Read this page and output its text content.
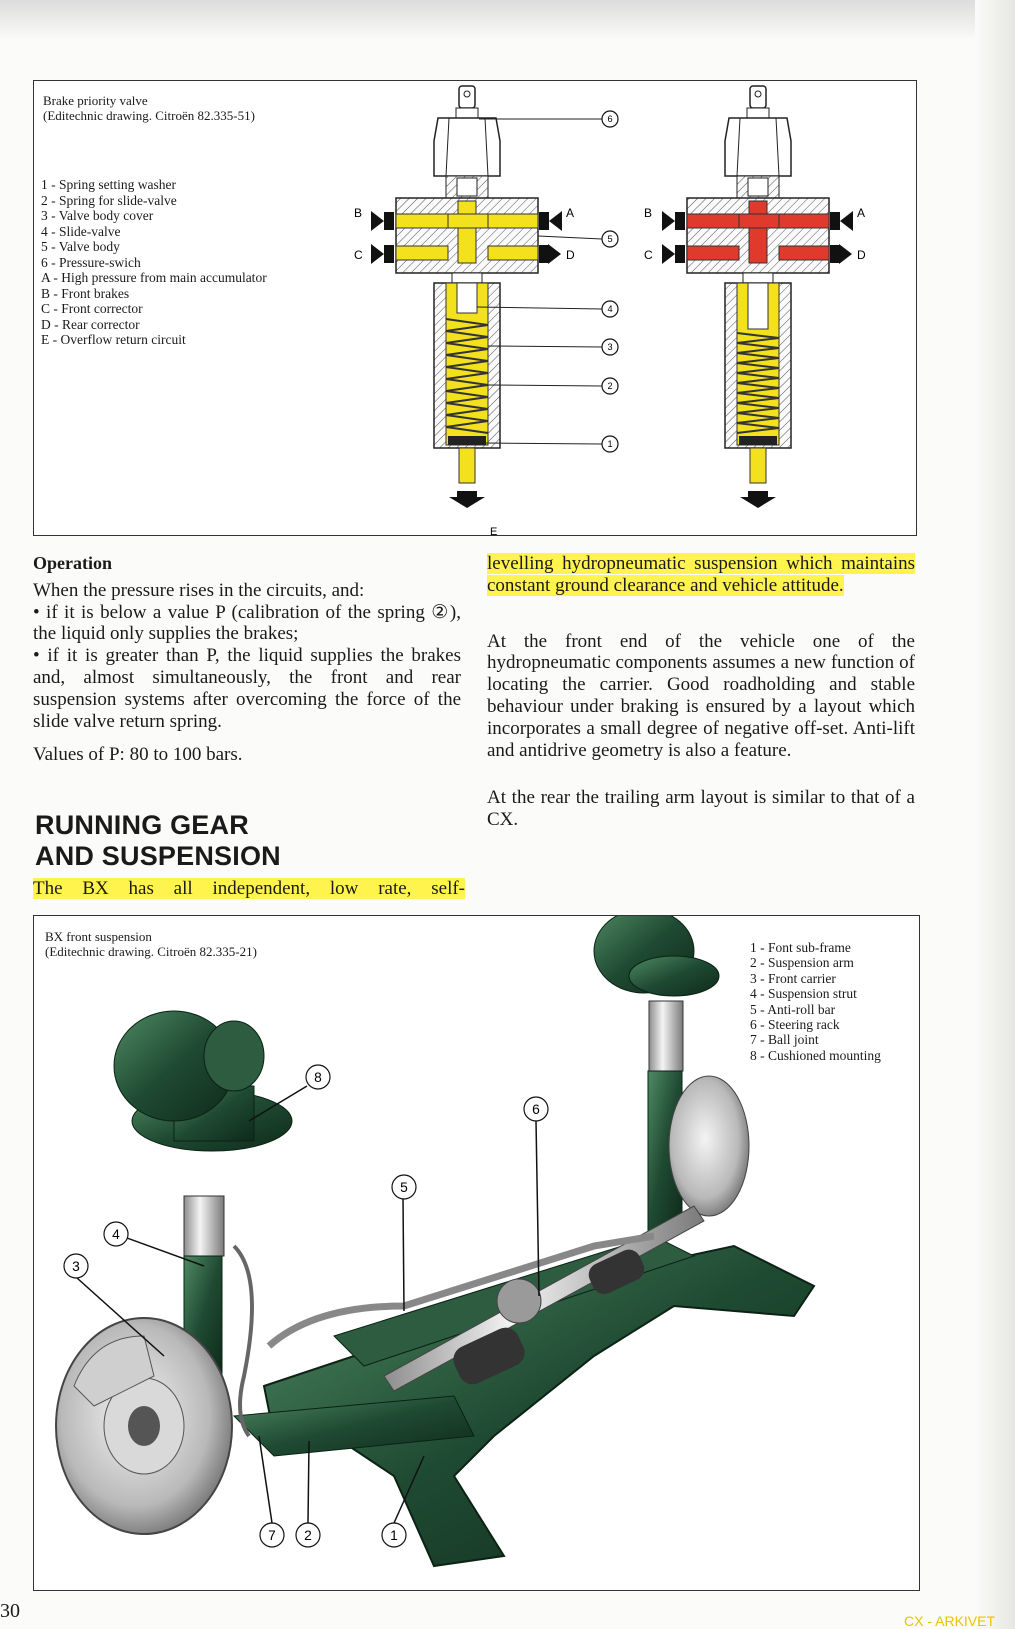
Brake priority valve
(Editechnic drawing. Citroën 82.335-51)
1 - Spring setting washer
2 - Spring for slide-valve
3 - Valve body cover
4 - Slide-valve
5 - Valve body
6 - Pressure-swich
A - High pressure from main accumulator
B - Front brakes
C - Front corrector
D - Rear corrector
E - Overflow return circuit
B
C
A
D
E
6
5
4
3
2
1
B
C
A
D

Operation

When the pressure rises in the circuits, and:

• if it is below a value P (calibration of the spring ②), the liquid only supplies the brakes;

• if it is greater than P, the liquid supplies the brakes and, almost simultaneously, the front and rear suspension systems after overcoming the force of the slide valve return spring.

Values of P: 80 to 100 bars.

RUNNING GEAR
AND SUSPENSION
The BX has all independent, low rate, self-

levelling hydropneumatic suspension which maintains constant ground clearance and vehicle attitude.

At the front end of the vehicle one of the hydropneumatic components assumes a new function of locating the carrier. Good roadholding and stable behaviour under braking is ensured by a layout which incorporates a small degree of negative off-set. Anti-lift and antidrive geometry is also a feature.

At the rear the trailing arm layout is similar to that of a CX.

BX front suspension
(Editechnic drawing. Citroën 82.335-21)	1 - Font sub-frame
2 - Suspension arm
3 - Front carrier
4 - Suspension strut
5 - Anti-roll bar
6 - Steering rack
7 - Ball joint
8 - Cushioned mounting
8
6
5
4
3
7 2	1
30	CX - ARKIVET
